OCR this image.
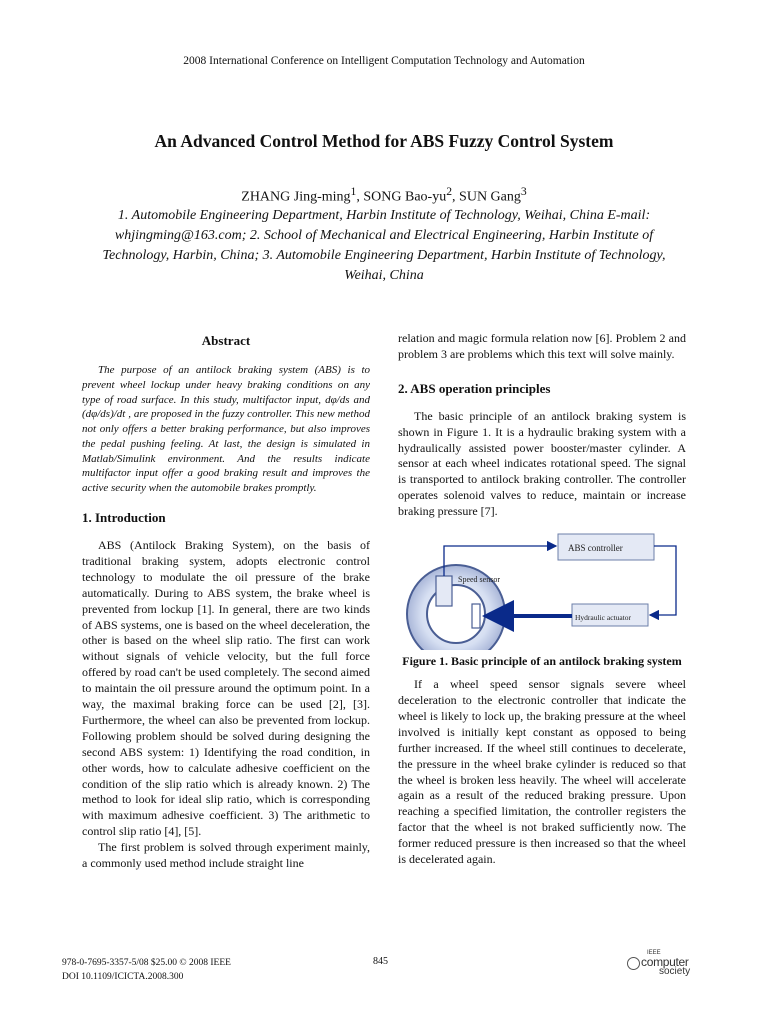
2008 International Conference on Intelligent Computation Technology and Automation
An Advanced Control Method for ABS Fuzzy Control System
ZHANG Jing-ming$^1$, SONG Bao-$yu^2$, SUN Gang$^3$
1. Automobile Engineering Department, Harbin Institute of Technology, Weihai, China E-mail: whjingming@163.com; 2. School of Mechanical and Electrical Engineering, Harbin Institute of Technology, Harbin, China; 3. Automobile Engineering Department, Harbin Institute of Technology, Weihai, China
Abstract

The purpose of an antilock braking system (ABS) is to prevent wheel lockup under heavy braking conditions on any type of road surface. In this study, multifactor input, dφ/ds and (dφ/ds)/dt , are proposed in the fuzzy controller. This new method not only offers a better braking performance, but also improves the pedal pushing feeling. At last, the design is simulated in Matlab/Simulink environment. And the results indicate multifactor input offer a good braking result and improves the active security when the automobile brakes promptly.

1. Introduction

ABS (Antilock Braking System), on the basis of traditional braking system, adopts electronic control technology to modulate the oil pressure of the brake automatically. During to ABS system, the brake wheel is prevented from lockup [1]. In general, there are two kinds of ABS systems, one is based on the wheel deceleration, the other is based on the wheel slip ratio. The first can work without signals of vehicle velocity, but the full force offered by road can't be used completely. The second aimed to maintain the oil pressure around the optimum point. In a way, the maximal braking force can be used [2], [3]. Furthermore, the wheel can also be prevented from lockup. Following problem should be solved during designing the second ABS system: 1) Identifying the road condition, in other words, how to calculate adhesive coefficient on the condition of the slip ratio which is already known. 2) The method to look for ideal slip ratio, which is corresponding with maximum adhesive coefficient. 3) The arithmetic to control slip ratio [4], [5].

The first problem is solved through experiment mainly, a commonly used method include straight line

relation and magic formula relation now [6]. Problem 2 and problem 3 are problems which this text will solve mainly.

2. ABS operation principles

The basic principle of an antilock braking system is shown in Figure 1. It is a hydraulic braking system with a hydraulically assisted power booster/master cylinder. A sensor at each wheel indicates rotational speed. The signal is transported to antilock braking controller. The controller operates solenoid valves to reduce, maintain or increase braking pressure [7].

ABS controller
Speed sensor
Hydraulic actuator
Figure 1. Basic principle of an antilock braking system

If a wheel speed sensor signals severe wheel deceleration to the electronic controller that indicate the wheel is likely to lock up, the braking pressure at the wheel involved is initially kept constant as opposed to being further increased. If the wheel still continues to decelerate, the pressure in the wheel brake cylinder is reduced so that the wheel is broken less heavily. The wheel will accelerate again as a result of the reduced braking pressure. Upon reaching a specified limitation, the controller registers the factor that the wheel is not braked sufficiently now. The former reduced pressure is then increased so that the wheel is decelerated again.

978-0-7695-3357-5/08 $25.00 © 2008 IEEE
DOI 10.1109/ICICTA.2008.300
845
IEEE
computer
society
